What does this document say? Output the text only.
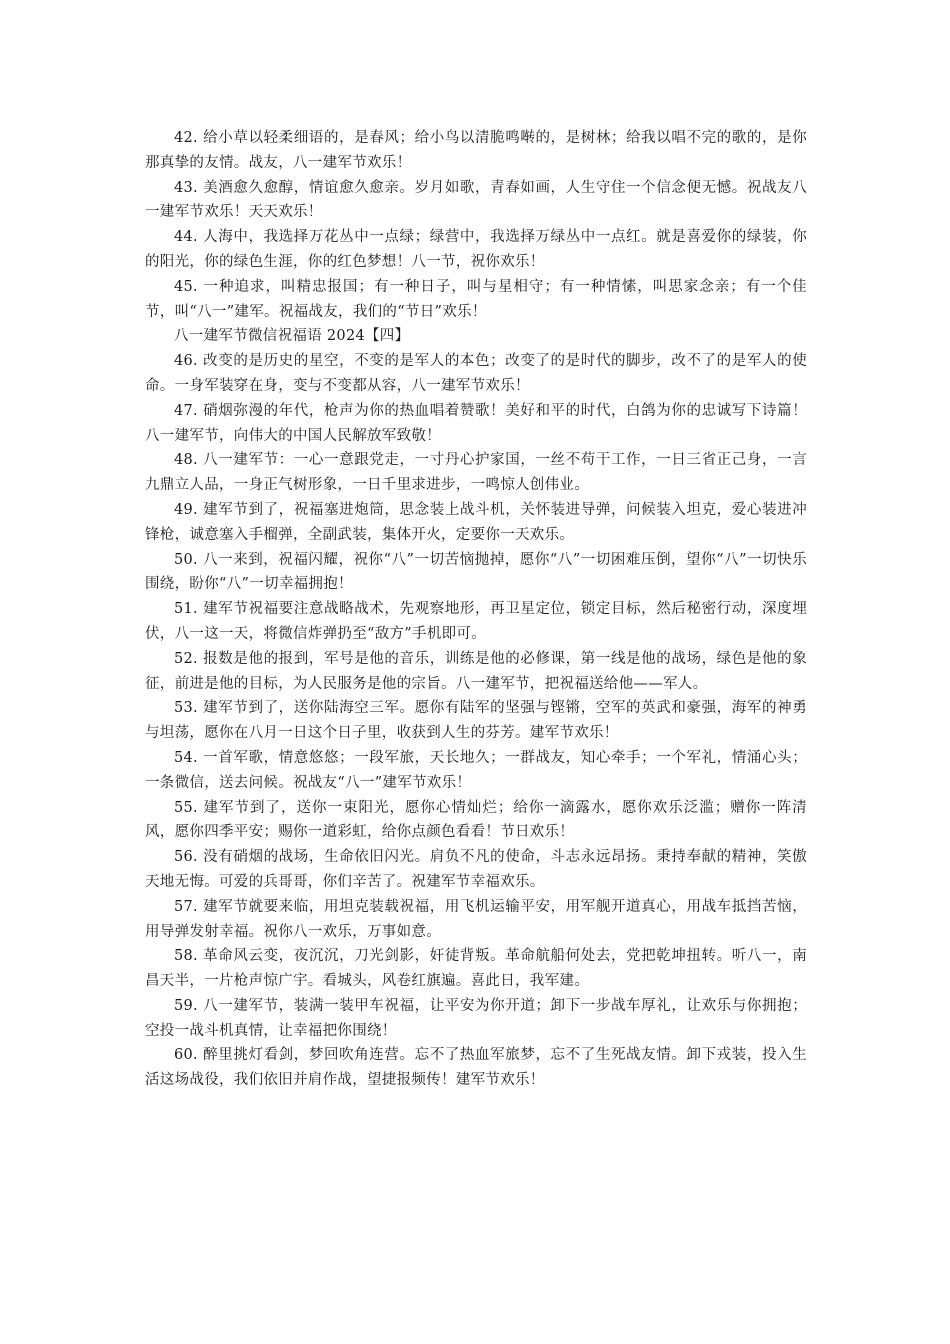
42. 给小草以轻柔细语的，是春风；给小鸟以清脆鸣啭的，是树林；给我以唱不完的歌的，是你那真挚的友情。战友，八一建军节欢乐！

43. 美酒愈久愈醇，情谊愈久愈亲。岁月如歌，青春如画，人生守住一个信念便无憾。祝战友八一建军节欢乐！天天欢乐！

44. 人海中，我选择万花丛中一点绿；绿营中，我选择万绿丛中一点红。就是喜爱你的绿装，你的阳光，你的绿色生涯，你的红色梦想！八一节，祝你欢乐！

45. 一种追求，叫精忠报国；有一种日子，叫与星相守；有一种情愫，叫思家念亲；有一个佳节，叫“八一”建军。祝福战友，我们的“节日”欢乐！

八一建军节微信祝福语 2024【四】

46. 改变的是历史的星空，不变的是军人的本色；改变了的是时代的脚步，改不了的是军人的使命。一身军装穿在身，变与不变都从容，八一建军节欢乐！

47. 硝烟弥漫的年代，枪声为你的热血唱着赞歌！美好和平的时代，白鸽为你的忠诚写下诗篇！八一建军节，向伟大的中国人民解放军致敬！

48. 八一建军节：一心一意跟党走，一寸丹心护家国，一丝不苟干工作，一日三省正己身，一言九鼎立人品，一身正气树形象，一日千里求进步，一鸣惊人创伟业。

49. 建军节到了，祝福塞进炮筒，思念装上战斗机，关怀装进导弹，问候装入坦克，爱心装进冲锋枪，诚意塞入手榴弹，全副武装，集体开火，定要你一天欢乐。

50. 八一来到，祝福闪耀，祝你“八”一切苦恼抛掉，愿你“八”一切困难压倒，望你“八”一切快乐围绕，盼你“八”一切幸福拥抱！

51. 建军节祝福要注意战略战术，先观察地形，再卫星定位，锁定目标，然后秘密行动，深度埋伏，八一这一天，将微信炸弹扔至“敌方”手机即可。

52. 报数是他的报到，军号是他的音乐，训练是他的必修课，第一线是他的战场，绿色是他的象征，前进是他的目标，为人民服务是他的宗旨。八一建军节，把祝福送给他——军人。

53. 建军节到了，送你陆海空三军。愿你有陆军的坚强与铿锵，空军的英武和豪强，海军的神勇与坦荡，愿你在八月一日这个日子里，收获到人生的芬芳。建军节欢乐！

54. 一首军歌，情意悠悠；一段军旅，天长地久；一群战友，知心牵手；一个军礼，情涌心头；一条微信，送去问候。祝战友“八一”建军节欢乐！

55. 建军节到了，送你一束阳光，愿你心情灿烂；给你一滴露水，愿你欢乐泛滥；赠你一阵清风，愿你四季平安；赐你一道彩虹，给你点颜色看看！节日欢乐！

56. 没有硝烟的战场，生命依旧闪光。肩负不凡的使命，斗志永远昂扬。秉持奉献的精神，笑傲天地无悔。可爱的兵哥哥，你们辛苦了。祝建军节幸福欢乐。

57. 建军节就要来临，用坦克装载祝福，用飞机运输平安，用军舰开道真心，用战车抵挡苦恼，用导弹发射幸福。祝你八一欢乐，万事如意。

58. 革命风云变，夜沉沉，刀光剑影，奸徒背叛。革命航船何处去，党把乾坤扭转。听八一，南昌天半，一片枪声惊广宇。看城头，风卷红旗遍。喜此日，我军建。

59. 八一建军节，装满一装甲车祝福，让平安为你开道；卸下一步战车厚礼，让欢乐与你拥抱；空投一战斗机真情，让幸福把你围绕！

60. 醉里挑灯看剑，梦回吹角连营。忘不了热血军旅梦，忘不了生死战友情。卸下戎装，投入生活这场战役，我们依旧并肩作战，望捷报频传！建军节欢乐！
